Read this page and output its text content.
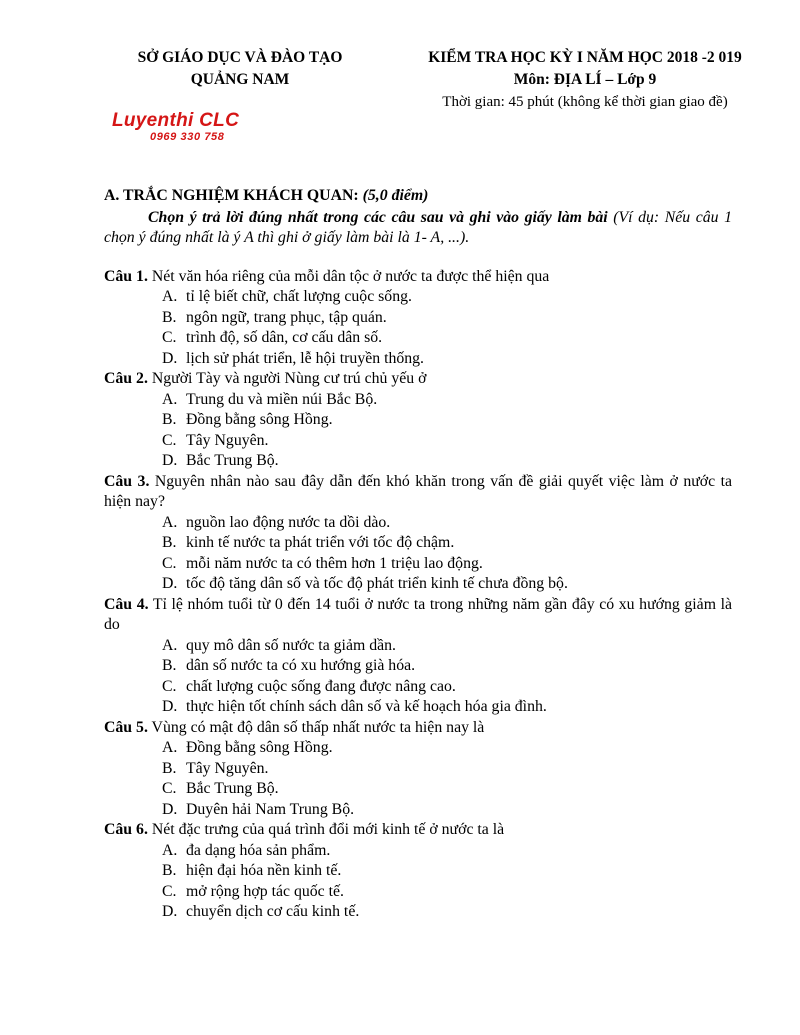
SỞ GIÁO DỤC VÀ ĐÀO TẠO
QUẢNG NAM
KIỂM TRA HỌC KỲ I NĂM HỌC 2018 -2 019
Môn: ĐỊA LÍ – Lớp 9
Thời gian: 45 phút (không kể thời gian giao đề)
Luyenthi CLC
0969 330 758
A. TRẮC NGHIỆM KHÁCH QUAN: (5,0 điểm)
Chọn ý trả lời đúng nhất trong các câu sau và ghi vào giấy làm bài (Ví dụ: Nếu câu 1 chọn ý đúng nhất là ý A thì ghi ở giấy làm bài là 1- A, ...).
Câu 1. Nét văn hóa riêng của mỗi dân tộc ở nước ta được thể hiện qua
A. tỉ lệ biết chữ, chất lượng cuộc sống.
B. ngôn ngữ, trang phục, tập quán.
C. trình độ, số dân, cơ cấu dân số.
D. lịch sử phát triển, lễ hội truyền thống.
Câu 2. Người Tày và người Nùng cư trú chủ yếu ở
A. Trung du và miền núi Bắc Bộ.
B. Đồng bằng sông Hồng.
C. Tây Nguyên.
D. Bắc Trung Bộ.
Câu 3. Nguyên nhân nào sau đây dẫn đến khó khăn trong vấn đề giải quyết việc làm ở nước ta hiện nay?
A. nguồn lao động nước ta dồi dào.
B. kinh tế nước ta phát triển với tốc độ chậm.
C. mỗi năm nước ta có thêm hơn 1 triệu lao động.
D. tốc độ tăng dân số và tốc độ phát triển kinh tế chưa đồng bộ.
Câu 4. Tỉ lệ nhóm tuổi từ 0 đến 14 tuổi ở nước ta trong những năm gần đây có xu hướng giảm là do
A. quy mô dân số nước ta giảm dần.
B. dân số nước ta có xu hướng già hóa.
C. chất lượng cuộc sống đang được nâng cao.
D. thực hiện tốt chính sách dân số và kế hoạch hóa gia đình.
Câu 5. Vùng có mật độ dân số thấp nhất nước ta hiện nay là
A. Đồng bằng sông Hồng.
B. Tây Nguyên.
C. Bắc Trung Bộ.
D. Duyên hải Nam Trung Bộ.
Câu 6. Nét đặc trưng của quá trình đổi mới kinh tế ở nước ta là
A. đa dạng hóa sản phẩm.
B. hiện đại hóa nền kinh tế.
C. mở rộng hợp tác quốc tế.
D. chuyển dịch cơ cấu kinh tế.
